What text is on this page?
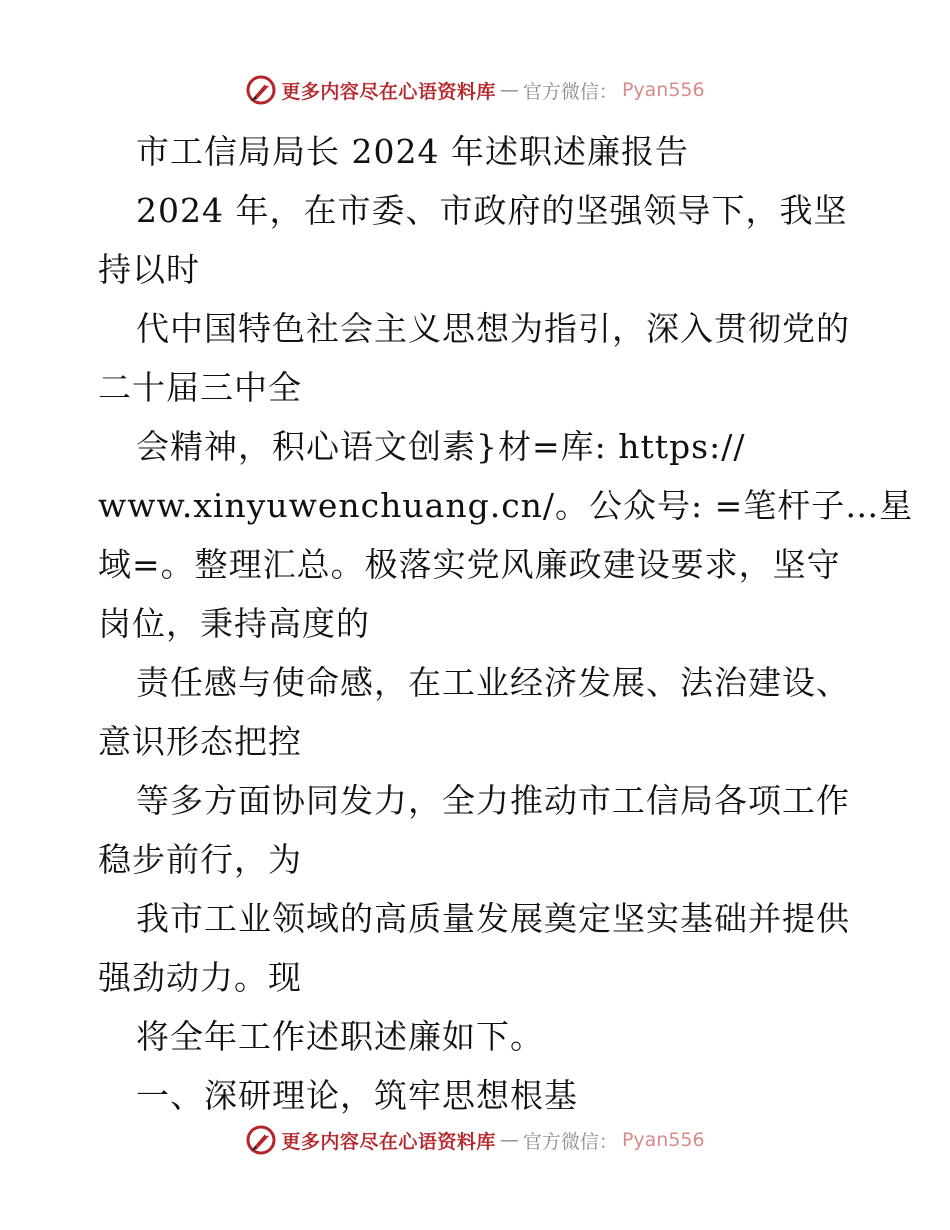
更多内容尽在心语资料库 — 官方微信： Pyan556
市工信局局长 2024 年述职述廉报告
2024 年，在市委、市政府的坚强领导下，我坚
持以时
代中国特色社会主义思想为指引，深入贯彻党的
二十届三中全
会精神，积心语文创素}材=库: https://
www.xinyuwenchuang.cn/。公众号: =笔杆子…星
域=。整理汇总。极落实党风廉政建设要求，坚守
岗位，秉持高度的
责任感与使命感，在工业经济发展、法治建设、
意识形态把控
等多方面协同发力，全力推动市工信局各项工作
稳步前行，为
我市工业领域的高质量发展奠定坚实基础并提供
强劲动力。现
将全年工作述职述廉如下。
一、深研理论，筑牢思想根基
更多内容尽在心语资料库 — 官方微信： Pyan556
